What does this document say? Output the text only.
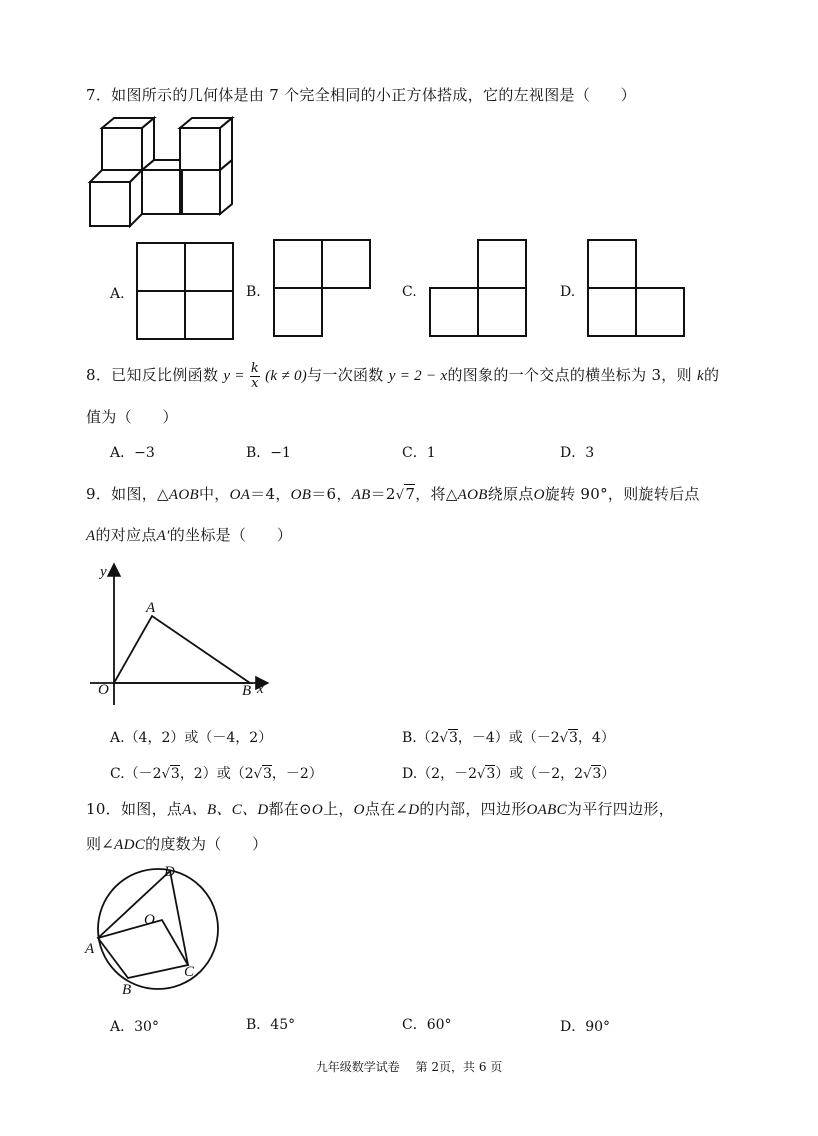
7．如图所示的几何体是由 7 个完全相同的小正方体搭成，它的左视图是（　　）
A.	B.	C.	D.
8．已知反比例函数 $y = \frac{k}{x} (k \ne 0)$与一次函数 y = 2 − x的图象的一个交点的横坐标为 3，则 k的
值为（　　）
A．−3	B．−1	C．1	D．3
9．如图，△AOB中，OA＝4，OB＝6，AB＝2√7，将△AOB绕原点O旋转 90°，则旋转后点
A的对应点A′的坐标是（　　）
y
A
O	B x
A.（4，2）或（－4，2）	B.（2√3，－4）或（－2√3，4）
C.（－2√3，2）或（2√3，－2）	D.（2，－2√3）或（－2，2√3）
10．如图，点A、B、C、D都在⊙O上，O点在∠D的内部，四边形OABC为平行四边形，
则∠ADC的度数为（　　）
D
O
A
C
B
A．30°	B．45°	C．60°	D．90°
九年级数学试卷　 第 2页，共 6 页
